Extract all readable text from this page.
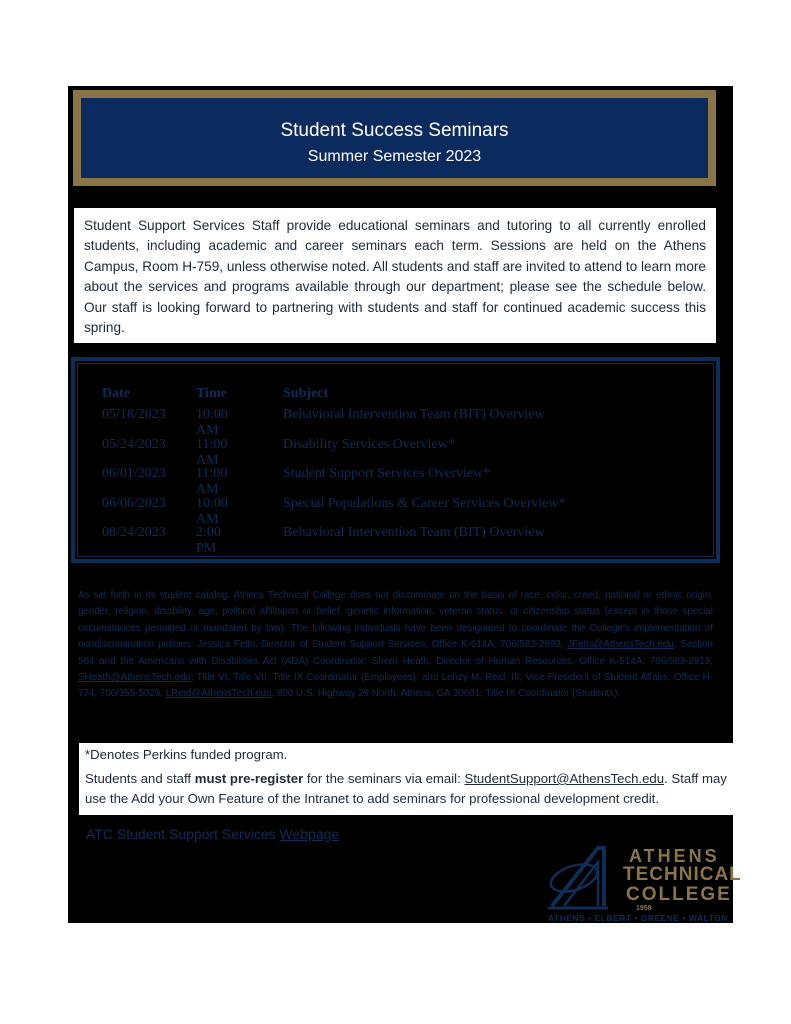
Student Success Seminars
Summer Semester 2023
Student Support Services Staff provide educational seminars and tutoring to all currently enrolled students, including academic and career seminars each term. Sessions are held on the Athens Campus, Room H-759, unless otherwise noted. All students and staff are invited to attend to learn more about the services and programs available through our department; please see the schedule below. Our staff is looking forward to partnering with students and staff for continued academic success this spring.
Date	Time	Subject
05/18/2023 10:00 AM
Behavioral Intervention Team (BIT) Overview
05/24/2023 11:00 AM
Disability Services Overview*
06/01/2023 11:00 AM
Student Support Services Overview*
06/06/2023 10:00 AM
Special Populations & Career Services Overview*
08/24/2023 2:00 PM
Behavioral Intervention Team (BIT) Overview
As set forth in its student catalog, Athens Technical College does not discriminate on the basis of race, color, creed, national or ethnic origin, gender, religion, disability, age, political affiliation or belief, genetic information, veteran status, or citizenship status (except in those special circumstances permitted or mandated by law). The following individuals have been designated to coordinate the College's implementation of nondiscrimination policies: Jessica Felts, Director of Student Support Services, Office K-614A, 706/583-2893, JFelts@AthensTech.edu; Section 504 and the Americans with Disabilities Act (ADA) Coordinator; Sherri Heath, Director of Human Resources, Office K-514A, 706/583-2818, SHeath@AthensTech.edu; Title VI, Title VII, Title IX Coordinator (Employees); and Lenzy M. Reid, III, Vice President of Student Affairs, Office H-774, 706/355-5029, LReid@AthensTech.edu, 800 U.S. Highway 29 North, Athens, GA 30601; Title IX Coordinator (Students).
*Denotes Perkins funded program.
Students and staff must pre-register for the seminars via email: StudentSupport@AthensTech.edu. Staff may use the Add your Own Feature of the Intranet to add seminars for professional development credit.
ATC Student Support Services Webpage
ATHENS
TECHNICAL
COLLEGE
1958
ATHENS • ELBERT • GREENE • WALTON
